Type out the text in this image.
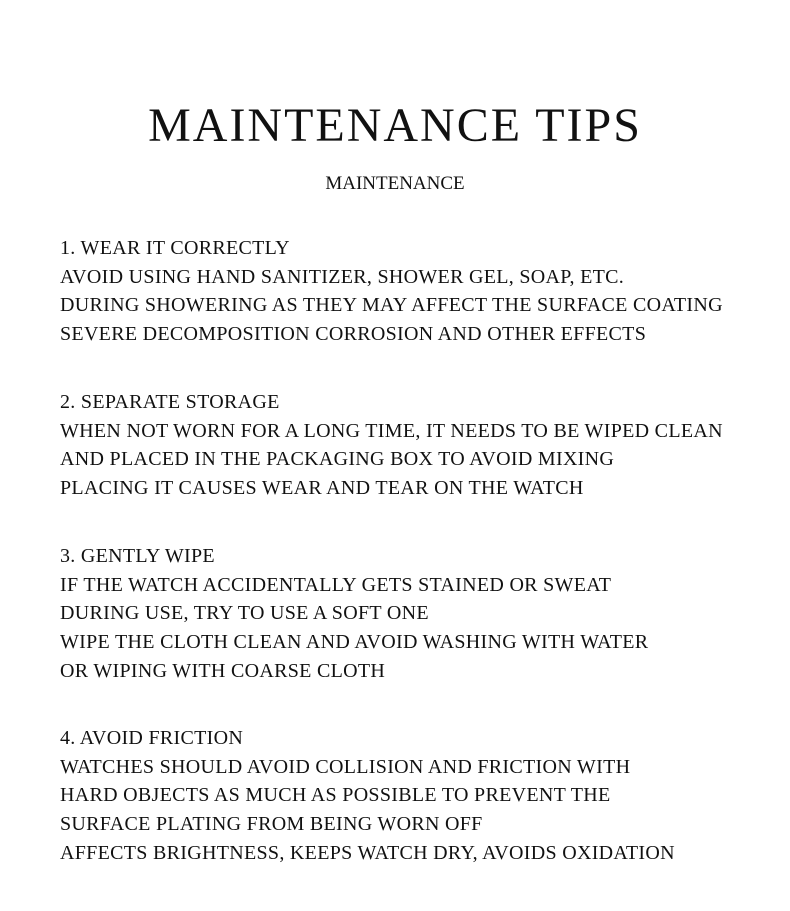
MAINTENANCE TIPS
MAINTENANCE
1. WEAR IT CORRECTLY
AVOID USING HAND SANITIZER, SHOWER GEL, SOAP, ETC.
DURING SHOWERING AS THEY MAY AFFECT THE SURFACE COATING
SEVERE DECOMPOSITION CORROSION AND OTHER EFFECTS
2. SEPARATE STORAGE
WHEN NOT WORN FOR A LONG TIME, IT NEEDS TO BE WIPED CLEAN
AND PLACED IN THE PACKAGING BOX TO AVOID MIXING
PLACING IT CAUSES WEAR AND TEAR ON THE WATCH
3. GENTLY WIPE
IF THE WATCH ACCIDENTALLY GETS STAINED OR SWEAT
DURING USE, TRY TO USE A SOFT ONE
WIPE THE CLOTH CLEAN AND AVOID WASHING WITH WATER
OR WIPING WITH COARSE CLOTH
4. AVOID FRICTION
WATCHES SHOULD AVOID COLLISION AND FRICTION WITH
HARD OBJECTS AS MUCH AS POSSIBLE TO PREVENT THE
SURFACE PLATING FROM BEING WORN OFF
AFFECTS BRIGHTNESS, KEEPS WATCH DRY, AVOIDS OXIDATION
